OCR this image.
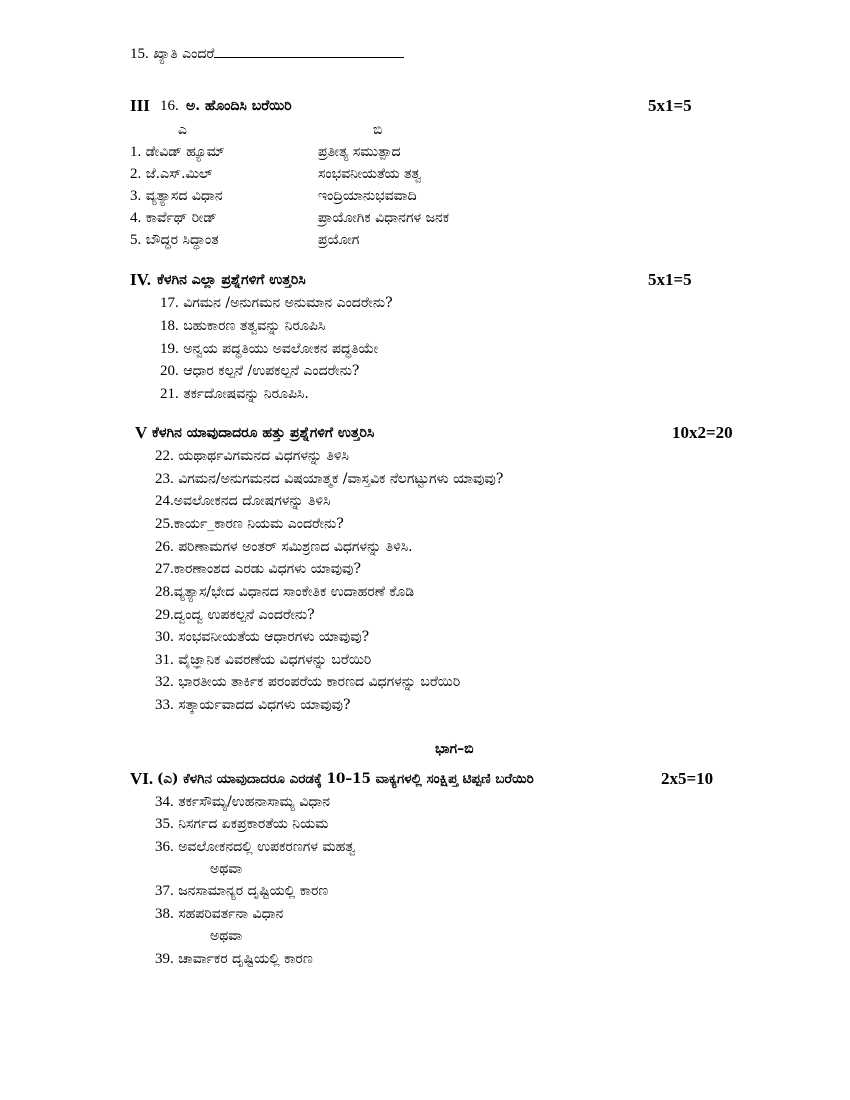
15. ಖ್ಯಾತಿ ಎಂದರೆ
III 16. ಅ. ಹೊಂದಿಸಿ ಬರೆಯಿರಿ	5x1=5
ಎ	ಬಿ
1. ಡೇವಿಡ್ ಹ್ಯೂಮ್	ಪ್ರತೀತ್ಯ ಸಮುತ್ಪಾದ
2. ಜೆ.ಎಸ್.ಮಿಲ್	ಸಂಭವನೀಯತೆಯ ತತ್ವ
3. ವ್ಯತ್ಯಾಸದ ವಿಧಾನ	ಇಂದ್ರಿಯಾನುಭವವಾದಿ
4. ಕಾರ್ವೆಥ್ ರೀಡ್	ಪ್ರಾಯೋಗಿಕ ವಿಧಾನಗಳ ಜನಕ
5. ಬೌದ್ಧರ ಸಿದ್ಧಾಂತ	ಪ್ರಯೋಗ
IV. ಕೆಳಗಿನ ಎಲ್ಲಾ ಪ್ರಶ್ನೆಗಳಿಗೆ ಉತ್ತರಿಸಿ	5x1=5
17. ವಿಗಮನ /ಅನುಗಮನ ಅನುಮಾನ ಎಂದರೇನು?
18. ಬಹುಕಾರಣ ತತ್ವವನ್ನು ನಿರೂಪಿಸಿ
19. ಅನ್ವಯ ಪದ್ಧತಿಯು ಅವಲೋಕನ ಪದ್ಧತಿಯೇ
20. ಆಧಾರ ಕಲ್ಪನೆ /ಉಪಕಲ್ಪನೆ ಎಂದರೇನು?
21. ತರ್ಕದೋಷವನ್ನು ನಿರೂಪಿಸಿ.
V ಕೆಳಗಿನ ಯಾವುದಾದರೂ ಹತ್ತು ಪ್ರಶ್ನೆಗಳಿಗೆ ಉತ್ತರಿಸಿ	10x2=20
22. ಯಥಾರ್ಥವಿಗಮನದ ವಿಧಗಳನ್ನು ತಿಳಿಸಿ
23. ವಿಗಮನ/ಅನುಗಮನದ ವಿಷಯಾತ್ಮಕ /ವಾಸ್ತವಿಕ ನೆಲಗಟ್ಟುಗಳು ಯಾವುವು?
24.ಅವಲೋಕನದ ದೋಷಗಳನ್ನು ತಿಳಿಸಿ
25.ಕಾರ್ಯ_ಕಾರಣ ನಿಯಮ ಎಂದರೇನು?
26. ಪರಿಣಾಮಗಳ ಅಂತರ್ ಸಮಿಶ್ರಣದ ವಿಧಗಳನ್ನು ತಿಳಿಸಿ.
27.ಕಾರಣಾಂಶದ ಎರಡು ವಿಧಗಳು ಯಾವುವು?
28.ವ್ಯತ್ಯಾಸ/ಭೇದ ವಿಧಾನದ ಸಾಂಕೇತಿಕ ಉದಾಹರಣೆ ಕೊಡಿ
29.ದ್ವಂದ್ವ ಉಪಕಲ್ಪನೆ ಎಂದರೇನು?
30. ಸಂಭವನೀಯತೆಯ ಆಧಾರಗಳು ಯಾವುವು?
31. ವೈಜ್ಞಾನಿಕ ವಿವರಣೆಯ ವಿಧಗಳನ್ನು ಬರೆಯಿರಿ
32. ಭಾರತೀಯ ತಾರ್ಕಿಕ ಪರಂಪರೆಯ ಕಾರಣದ ವಿಧಗಳನ್ನು ಬರೆಯಿರಿ
33. ಸತ್ಕಾರ್ಯವಾದದ ವಿಧಗಳು ಯಾವುವು?
ಭಾಗ–ಬಿ
VI. (ಎ) ಕೆಳಗಿನ ಯಾವುದಾದರೂ ಎರಡಕ್ಕೆ 10–15 ವಾಕ್ಯಗಳಲ್ಲಿ ಸಂಕ್ಷಿಪ್ತ ಟಿಪ್ಪಣಿ ಬರೆಯಿರಿ	2x5=10
34. ತರ್ಕಸೌಮ್ಯ/ಉಹನಾಸಾಮ್ಯ ವಿಧಾನ
35. ನಿಸರ್ಗದ ಏಕಪ್ರಕಾರತೆಯ ನಿಯಮ
36. ಅವಲೋಕನದಲ್ಲಿ ಉಪಕರಣಗಳ ಮಹತ್ವ
ಅಥವಾ
37. ಜನಸಾಮಾನ್ಯರ ದೃಷ್ಟಿಯಲ್ಲಿ ಕಾರಣ
38. ಸಹಪರಿವರ್ತನಾ ವಿಧಾನ
ಅಥವಾ
39. ಚಾರ್ವಾಕರ ದೃಷ್ಟಿಯಲ್ಲಿ ಕಾರಣ
